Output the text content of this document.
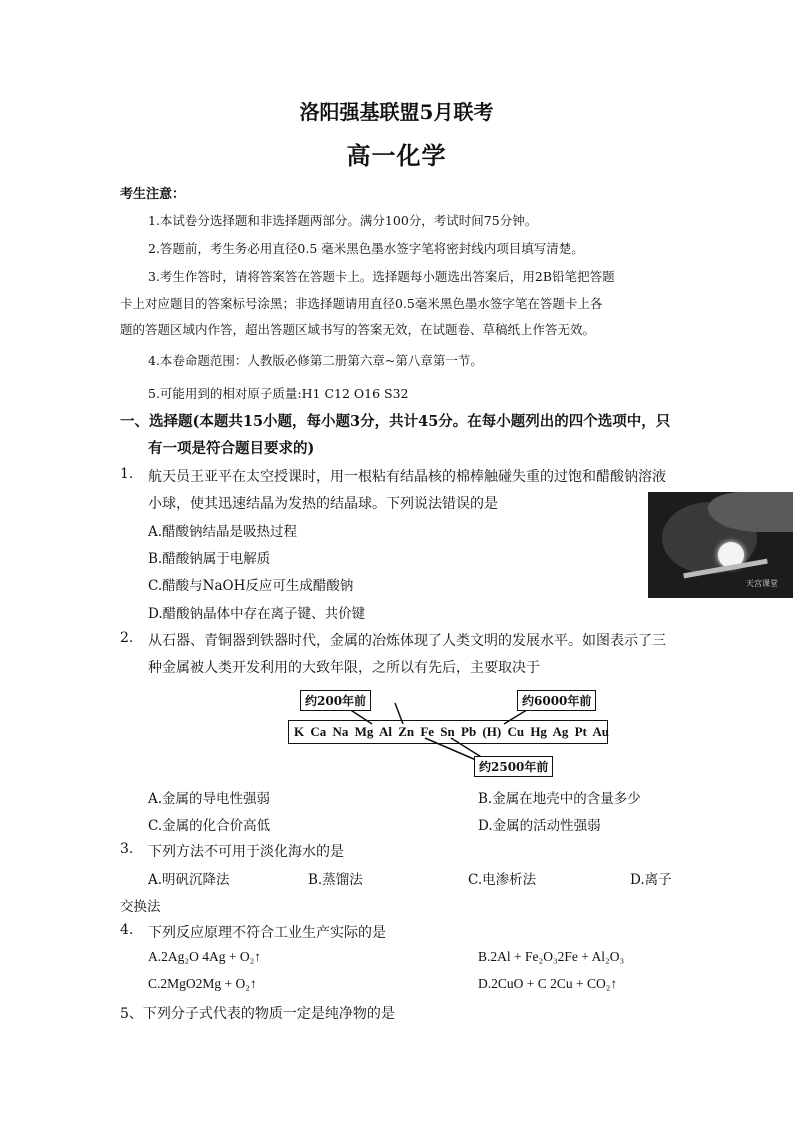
洛阳强基联盟5月联考
高一化学
考生注意：
1.本试卷分选择题和非选择题两部分。满分100分，考试时间75分钟。
2.答题前，考生务必用直径0.5 毫米黑色墨水签字笔将密封线内项目填写清楚。
3.考生作答时，请将答案答在答题卡上。选择题每小题选出答案后，用2B铅笔把答题
卡上对应题目的答案标号涂黑；非选择题请用直径0.5毫米黑色墨水签字笔在答题卡上各
题的答题区域内作答，超出答题区域书写的答案无效，在试题卷、草稿纸上作答无效。
4.本卷命题范围：人教版必修第二册第六章~第八章第一节。
5.可能用到的相对原子质量:H1 C12 O16 S32
一、选择题(本题共15小题，每小题3分，共计45分。在每小题列出的四个选项中，只
有一项是符合题目要求的)
1. 航天员王亚平在太空授课时，用一根粘有结晶核的棉棒触碰失重的过饱和醋酸钠溶液
小球，使其迅速结晶为发热的结晶球。下列说法错误的是
A.醋酸钠结晶是吸热过程
B.醋酸钠属于电解质
C.醋酸与NaOH反应可生成醋酸钠
D.醋酸钠晶体中存在离子键、共价键
天宫课堂
2. 从石器、青铜器到铁器时代，金属的冶炼体现了人类文明的发展水平。如图表示了三
种金属被人类开发利用的大致年限，之所以有先后，主要取决于
约200年前	约6000年前
K Ca Na Mg Al Zn Fe Sn Pb (H) Cu Hg Ag Pt Au
约2500年前
A.金属的导电性强弱	B.金属在地壳中的含量多少
C.金属的化合价高低	D.金属的活动性强弱
3. 下列方法不可用于淡化海水的是
A.明矾沉降法	B.蒸馏法	C.电渗析法	D.离子
交换法
4. 下列反应原理不符合工业生产实际的是
A.2Ag₂O 4Ag + O₂↑	B.2Al + Fe₂O₃2Fe + Al₂O₃
C.2MgO2Mg + O₂↑	D.2CuO + C 2Cu + CO₂↑
5、下列分子式代表的物质一定是纯净物的是
